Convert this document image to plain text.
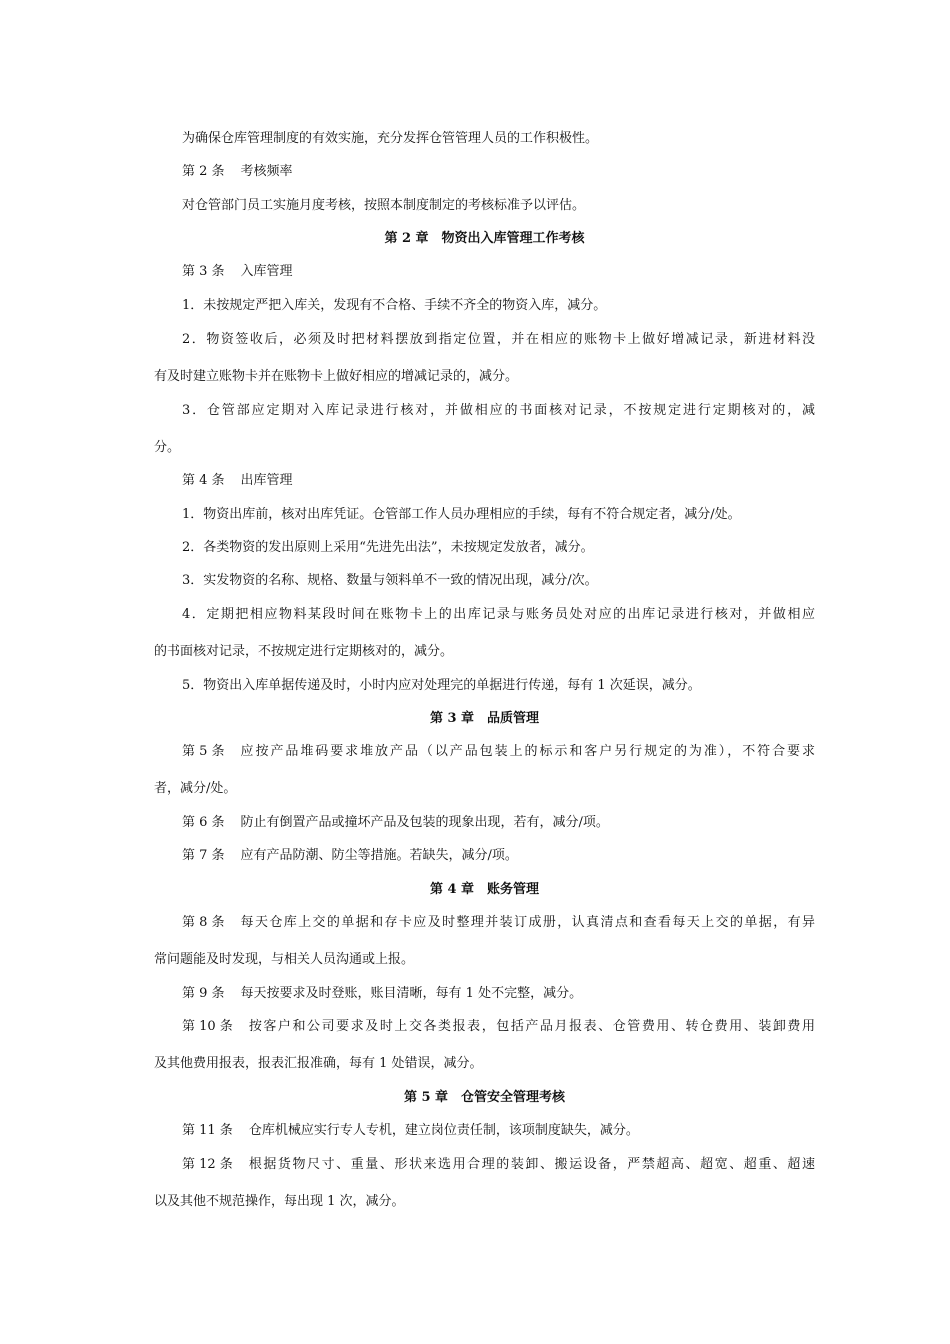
为确保仓库管理制度的有效实施，充分发挥仓管管理人员的工作积极性。
第 2 条 考核频率
对仓管部门员工实施月度考核，按照本制度制定的考核标准予以评估。
第 2 章　物资出入库管理工作考核
第 3 条 入库管理
1．未按规定严把入库关，发现有不合格、手续不齐全的物资入库，减分。
2．物资签收后，必须及时把材料摆放到指定位置，并在相应的账物卡上做好增减记录，新进材料没
有及时建立账物卡并在账物卡上做好相应的增减记录的，减分。
3．仓管部应定期对入库记录进行核对，并做相应的书面核对记录，不按规定进行定期核对的，减
分。
第 4 条 出库管理
1．物资出库前，核对出库凭证。仓管部工作人员办理相应的手续，每有不符合规定者，减分/处。
2．各类物资的发出原则上采用“先进先出法”，未按规定发放者，减分。
3．实发物资的名称、规格、数量与领料单不一致的情况出现，减分/次。
4．定期把相应物料某段时间在账物卡上的出库记录与账务员处对应的出库记录进行核对，并做相应
的书面核对记录，不按规定进行定期核对的，减分。
5．物资出入库单据传递及时，小时内应对处理完的单据进行传递，每有 1 次延误，减分。
第 3 章　品质管理
第 5 条 应按产品堆码要求堆放产品（以产品包装上的标示和客户另行规定的为准），不符合要求
者，减分/处。
第 6 条 防止有倒置产品或撞坏产品及包装的现象出现，若有，减分/项。
第 7 条 应有产品防潮、防尘等措施。若缺失，减分/项。
第 4 章　账务管理
第 8 条 每天仓库上交的单据和存卡应及时整理并装订成册，认真清点和查看每天上交的单据，有异
常问题能及时发现，与相关人员沟通或上报。
第 9 条 每天按要求及时登账，账目清晰，每有 1 处不完整，减分。
第 10 条 按客户和公司要求及时上交各类报表，包括产品月报表、仓管费用、转仓费用、装卸费用
及其他费用报表，报表汇报准确，每有 1 处错误，减分。
第 5 章　仓管安全管理考核
第 11 条 仓库机械应实行专人专机，建立岗位责任制，该项制度缺失，减分。
第 12 条 根据货物尺寸、重量、形状来选用合理的装卸、搬运设备，严禁超高、超宽、超重、超速
以及其他不规范操作，每出现 1 次，减分。
